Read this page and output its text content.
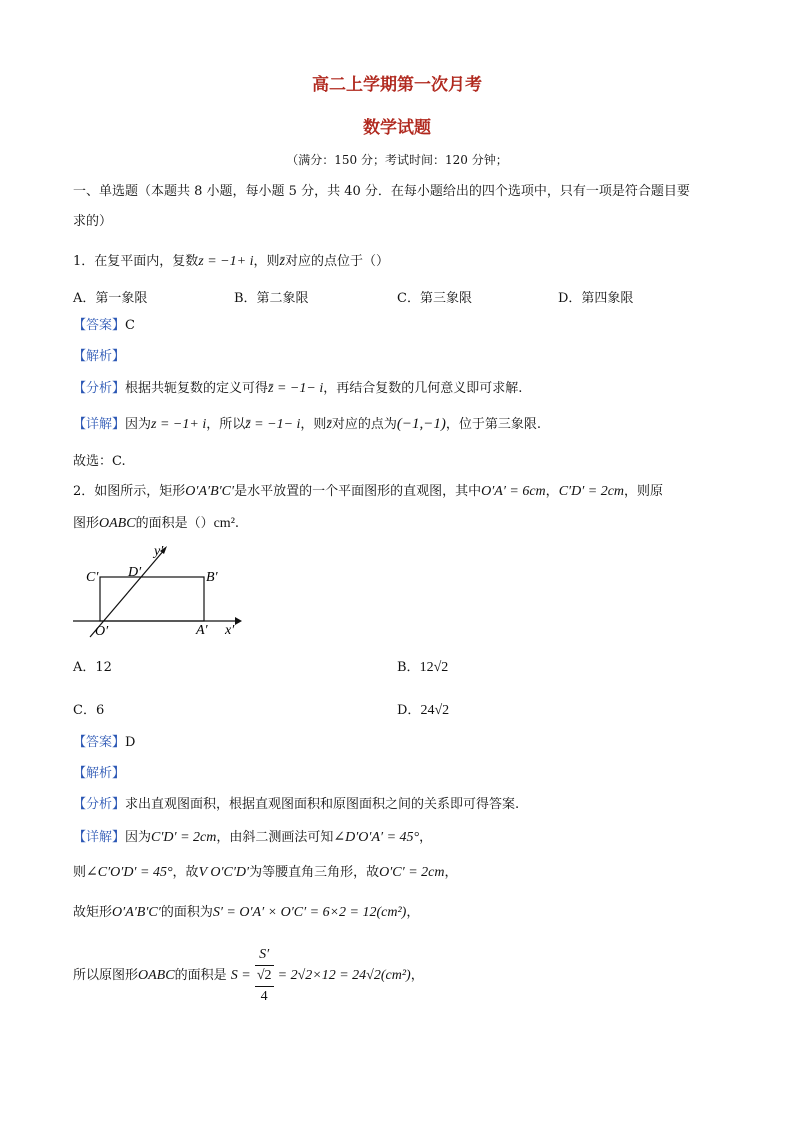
高二上学期第一次月考
数学试题
（满分：150 分；考试时间：120 分钟；
一、单选题（本题共 8 小题，每小题 5 分，共 40 分．在每小题给出的四个选项中，只有一项是符合题目要
求的）
1．在复平面内，复数z = −1+ i，则z̄对应的点位于（）
A．第一象限	B．第二象限	C．第三象限	D．第四象限
【答案】C
【解析】
【分析】根据共轭复数的定义可得z̄ = −1− i，再结合复数的几何意义即可求解.
【详解】因为z = −1+ i，所以z̄ = −1− i，则z̄对应的点为(−1,−1)，位于第三象限.
故选：C.
2．如图所示，矩形O′A′B′C′是水平放置的一个平面图形的直观图，其中O′A′ = 6cm，C′D′ = 2cm，则原
图形OABC的面积是（）cm².
y′
D′
C′	B′
O′	A′ x′
A．12	B．12√2
C．6	D．24√2
【答案】D
【解析】
【分析】求出直观图面积，根据直观图面积和原图面积之间的关系即可得答案.
【详解】因为C′D′ = 2cm，由斜二测画法可知∠D′O′A′ = 45°，
则∠C′O′D′ = 45°，故V O′C′D′为等腰直角三角形，故O′C′ = 2cm，
故矩形O′A′B′C′的面积为S′ = O′A′ × O′C′ = 6×2 = 12(cm²)，
所以原图形OABC的面积是 $S = \frac{S'}{\frac{√2}{4}} = 2√2\times 12 = 24√2(cm^2)$，
